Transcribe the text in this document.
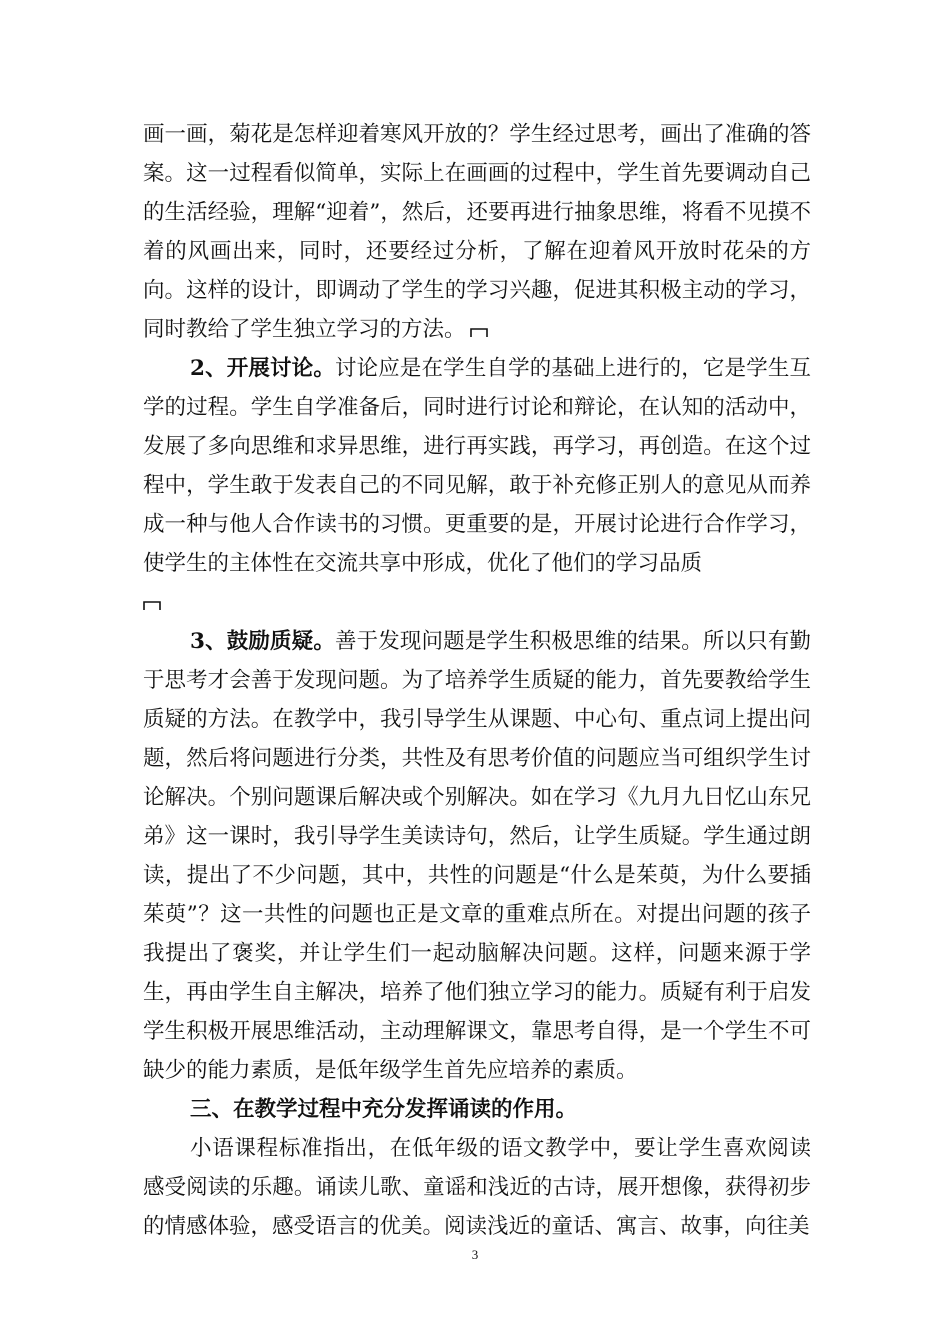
画一画，菊花是怎样迎着寒风开放的？学生经过思考，画出了准确的答案。这一过程看似简单，实际上在画画的过程中，学生首先要调动自己的生活经验，理解“迎着”，然后，还要再进行抽象思维，将看不见摸不着的风画出来，同时，还要经过分析，了解在迎着风开放时花朵的方向。这样的设计，即调动了学生的学习兴趣，促进其积极主动的学习，同时教给了学生独立学习的方法。

2、开展讨论。讨论应是在学生自学的基础上进行的，它是学生互学的过程。学生自学准备后，同时进行讨论和辩论，在认知的活动中，发展了多向思维和求异思维，进行再实践，再学习，再创造。在这个过程中，学生敢于发表自己的不同见解，敢于补充修正别人的意见从而养成一种与他人合作读书的习惯。更重要的是，开展讨论进行合作学习，使学生的主体性在交流共享中形成，优化了他们的学习品质

3、鼓励质疑。善于发现问题是学生积极思维的结果。所以只有勤于思考才会善于发现问题。为了培养学生质疑的能力，首先要教给学生质疑的方法。在教学中，我引导学生从课题、中心句、重点词上提出问题，然后将问题进行分类，共性及有思考价值的问题应当可组织学生讨论解决。个别问题课后解决或个别解决。如在学习《九月九日忆山东兄弟》这一课时，我引导学生美读诗句，然后，让学生质疑。学生通过朗读，提出了不少问题，其中，共性的问题是“什么是茱萸，为什么要插茱萸”？这一共性的问题也正是文章的重难点所在。对提出问题的孩子我提出了褒奖，并让学生们一起动脑解决问题。这样，问题来源于学生，再由学生自主解决，培养了他们独立学习的能力。质疑有利于启发学生积极开展思维活动，主动理解课文，靠思考自得，是一个学生不可缺少的能力素质，是低年级学生首先应培养的素质。

三、在教学过程中充分发挥诵读的作用。

小语课程标准指出，在低年级的语文教学中，要让学生喜欢阅读感受阅读的乐趣。诵读儿歌、童谣和浅近的古诗，展开想像，获得初步的情感体验，感受语言的优美。阅读浅近的童话、寓言、故事，向往美

3
